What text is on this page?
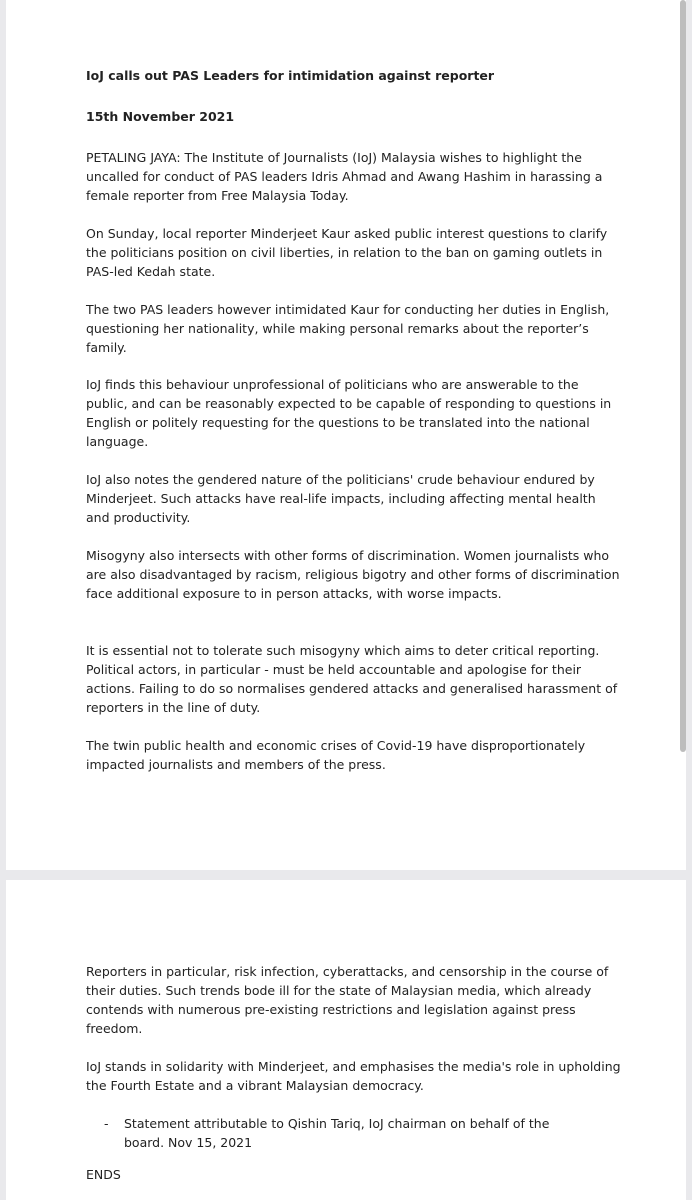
IoJ calls out PAS Leaders for intimidation against reporter

15th November 2021

PETALING JAYA: The Institute of Journalists (IoJ) Malaysia wishes to highlight the uncalled for conduct of PAS leaders Idris Ahmad and Awang Hashim in harassing a female reporter from Free Malaysia Today.

On Sunday, local reporter Minderjeet Kaur asked public interest questions to clarify the politicians position on civil liberties, in relation to the ban on gaming outlets in PAS-led Kedah state.

The two PAS leaders however intimidated Kaur for conducting her duties in English, questioning her nationality, while making personal remarks about the reporter’s family.

IoJ finds this behaviour unprofessional of politicians who are answerable to the public, and can be reasonably expected to be capable of responding to questions in English or politely requesting for the questions to be translated into the national language.

IoJ also notes the gendered nature of the politicians' crude behaviour endured by Minderjeet. Such attacks have real-life impacts, including affecting mental health and productivity.

Misogyny also intersects with other forms of discrimination. Women journalists who are also disadvantaged by racism, religious bigotry and other forms of discrimination face additional exposure to in person attacks, with worse impacts.

It is essential not to tolerate such misogyny which aims to deter critical reporting. Political actors, in particular - must be held accountable and apologise for their actions. Failing to do so normalises gendered attacks and generalised harassment of reporters in the line of duty.

The twin public health and economic crises of Covid-19 have disproportionately impacted journalists and members of the press.

Reporters in particular, risk infection, cyberattacks, and censorship in the course of their duties. Such trends bode ill for the state of Malaysian media, which already contends with numerous pre-existing restrictions and legislation against press freedom.

IoJ stands in solidarity with Minderjeet, and emphasises the media's role in upholding the Fourth Estate and a vibrant Malaysian democracy.

-	Statement attributable to Qishin Tariq, IoJ chairman on behalf of the board. Nov 15, 2021

ENDS
